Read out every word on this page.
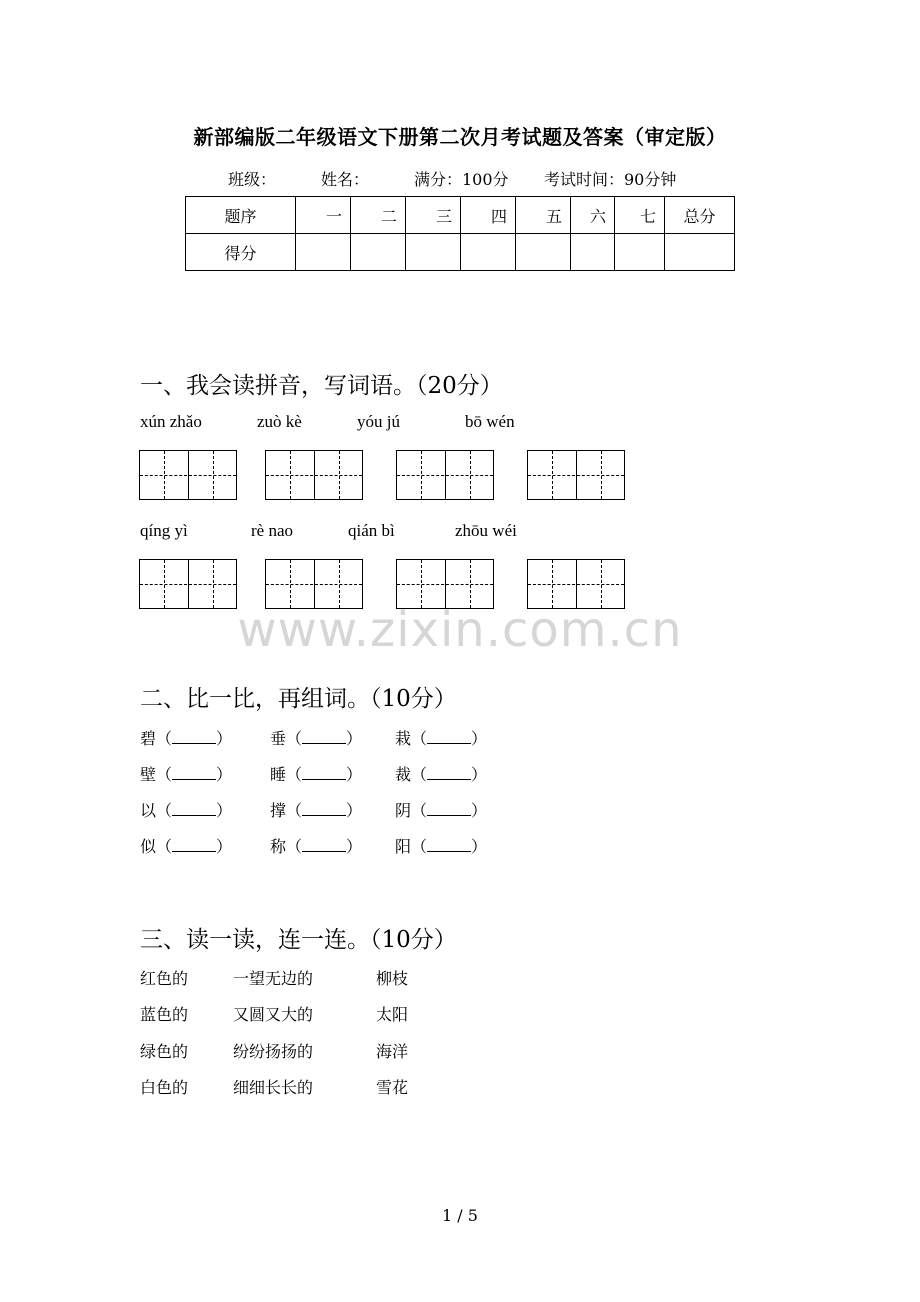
新部编版二年级语文下册第二次月考试题及答案（审定版）
班级：	姓名：	满分：100分 考试时间：90分钟
题序	一	二	三	四	五	六	七	总分
得分								
一、我会读拼音，写词语。（20分）
xún zhǎo	zuò kè	yóu jú	bō wén
qíng yì	rè nao	qián bì	zhōu wéi
www.zixin.com.cn
二、比一比，再组词。（10分）
碧（	） 垂（	） 栽（	）
壁（	） 睡（	） 裁（	）
以（	） 撑（	） 阴（	）
似（	） 称（	） 阳（	）
三、读一读，连一连。（10分）
红色的	一望无边的	柳枝
蓝色的	又圆又大的	太阳
绿色的	纷纷扬扬的	海洋
白色的	细细长长的	雪花
1 / 5
